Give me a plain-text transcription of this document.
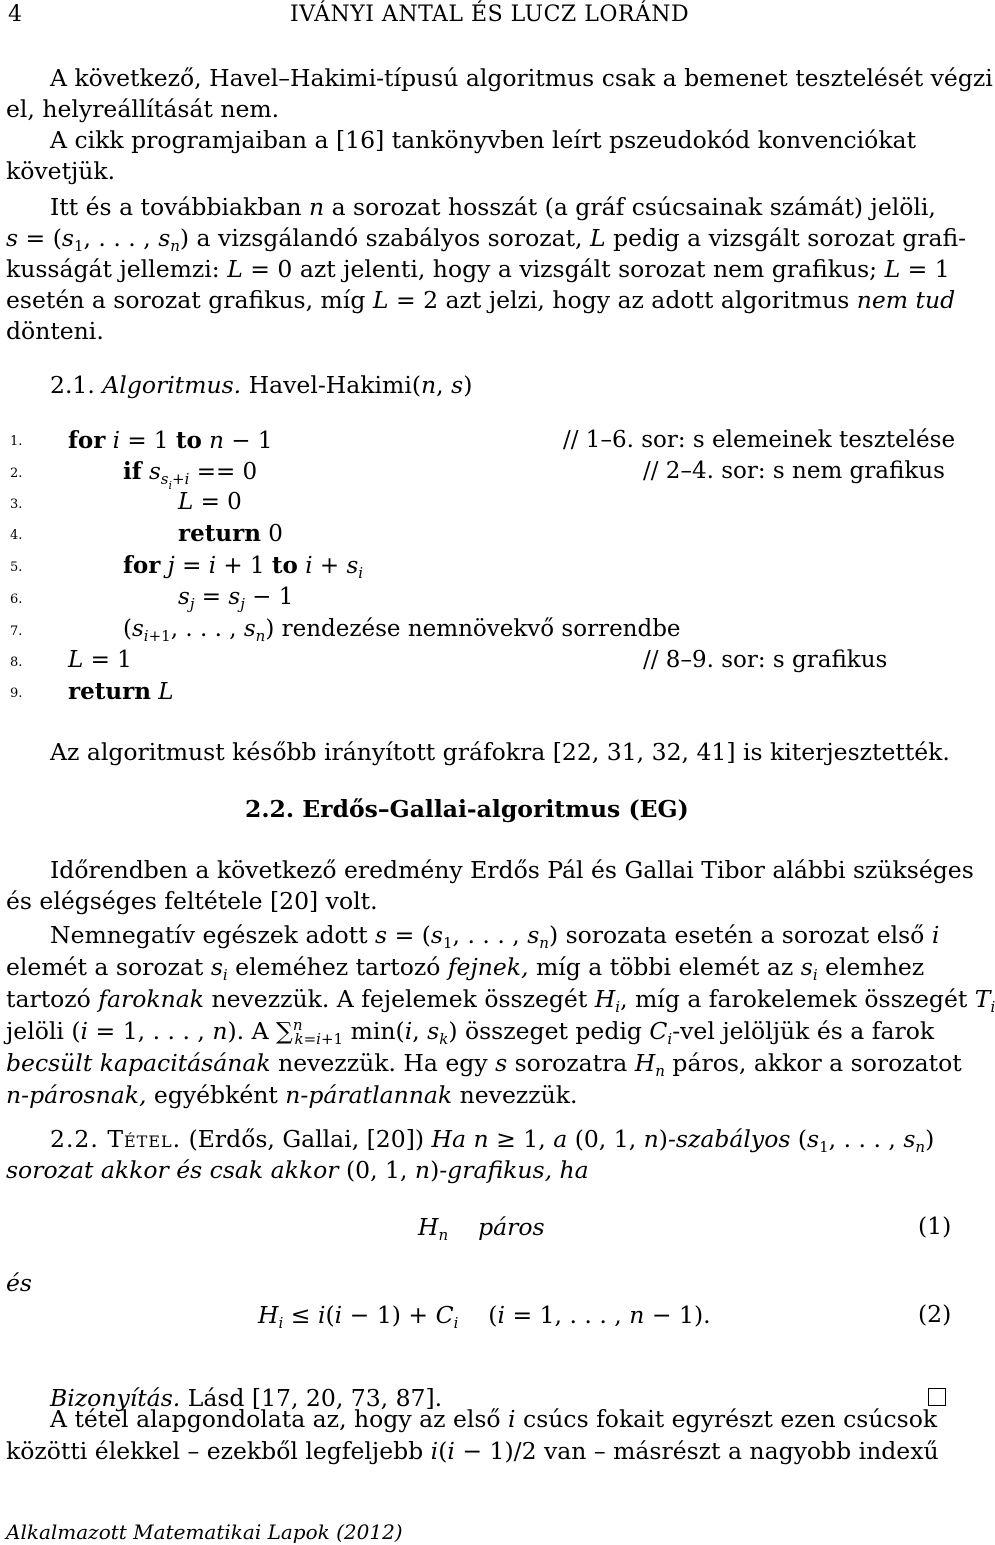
4	IVÁNYI ANTAL ÉS LUCZ LORÁND
A következő, Havel–Hakimi-típusú algoritmus csak a bemenet tesztelését végzi
el, helyreállítását nem.
A cikk programjaiban a [16] tankönyvben leírt pszeudokód konvenciókat
követjük.
Itt és a továbbiakban n a sorozat hosszát (a gráf csúcsainak számát) jelöli,
$s = (s_1$, . . . , $s_n$) a vizsgálandó szabályos sorozat, L pedig a vizsgált sorozat grafi-
kusságát jellemzi: L = 0 azt jelenti, hogy a vizsgált sorozat nem grafikus; L = 1
esetén a sorozat grafikus, míg L = 2 azt jelzi, hogy az adott algoritmus nem tud
dönteni.
2.1. Algoritmus. Havel-Hakimi(n, s)
1.	for i = 1 to n − 1	// 1–6. sor: s elemeinek tesztelése
2.	if $s_{s_i+i} == 0$	// 2–4. sor: s nem grafikus
3.	L = 0
4.	return 0
5.	for j = i + 1 to $i + s_i$
6.	$s_j = s_j - 1$
7.	($s_{i+1}$, . . . , $s_n$) rendezése nemnövekvő sorrendbe
8.	L = 1	// 8–9. sor: s grafikus
9.	return L
Az algoritmust később irányított gráfokra [22, 31, 32, 41] is kiterjesztették.
2.2. Erdős–Gallai-algoritmus (EG)
Időrendben a következő eredmény Erdős Pál és Gallai Tibor alábbi szükséges
és elégséges feltétele [20] volt.
Nemnegatív egészek adott $s = (s_1$, . . . , $s_n$) sorozata esetén a sorozat első i
elemét a sorozat $s_i$ eleméhez tartozó fejnek, míg a többi elemét az $s_i$ elemhez
tartozó faroknak nevezzük. A fejelemek összegét $H_i$, míg a farokelemek összegét $T_i$
jelöli (i = 1, . . . , n). A ∑$^n_{k=i+1}$ min(i, $s_k$) összeget pedig $C_i$-vel jelöljük és a farok
becsült kapacitásának nevezzük. Ha egy s sorozatra $H_n$ páros, akkor a sorozatot
n-párosnak, egyébként n-páratlannak nevezzük.
2.2. Tétel. (Erdős, Gallai, [20]) Ha n ≥ 1, a (0, 1, n)-szabályos ($s_1$, . . . , $s_n$)
sorozat akkor és csak akkor (0, 1, n)-grafikus, ha
$H_n$ páros	(1)
és
$H_i \le i(i - 1) + C_i$    (i = 1, . . . , n − 1).	(2)
Bizonyítás. Lásd [17, 20, 73, 87].
A tétel alapgondolata az, hogy az első i csúcs fokait egyrészt ezen csúcsok
közötti élekkel – ezekből legfeljebb i(i − 1)/2 van – másrészt a nagyobb indexű
Alkalmazott Matematikai Lapok (2012)
